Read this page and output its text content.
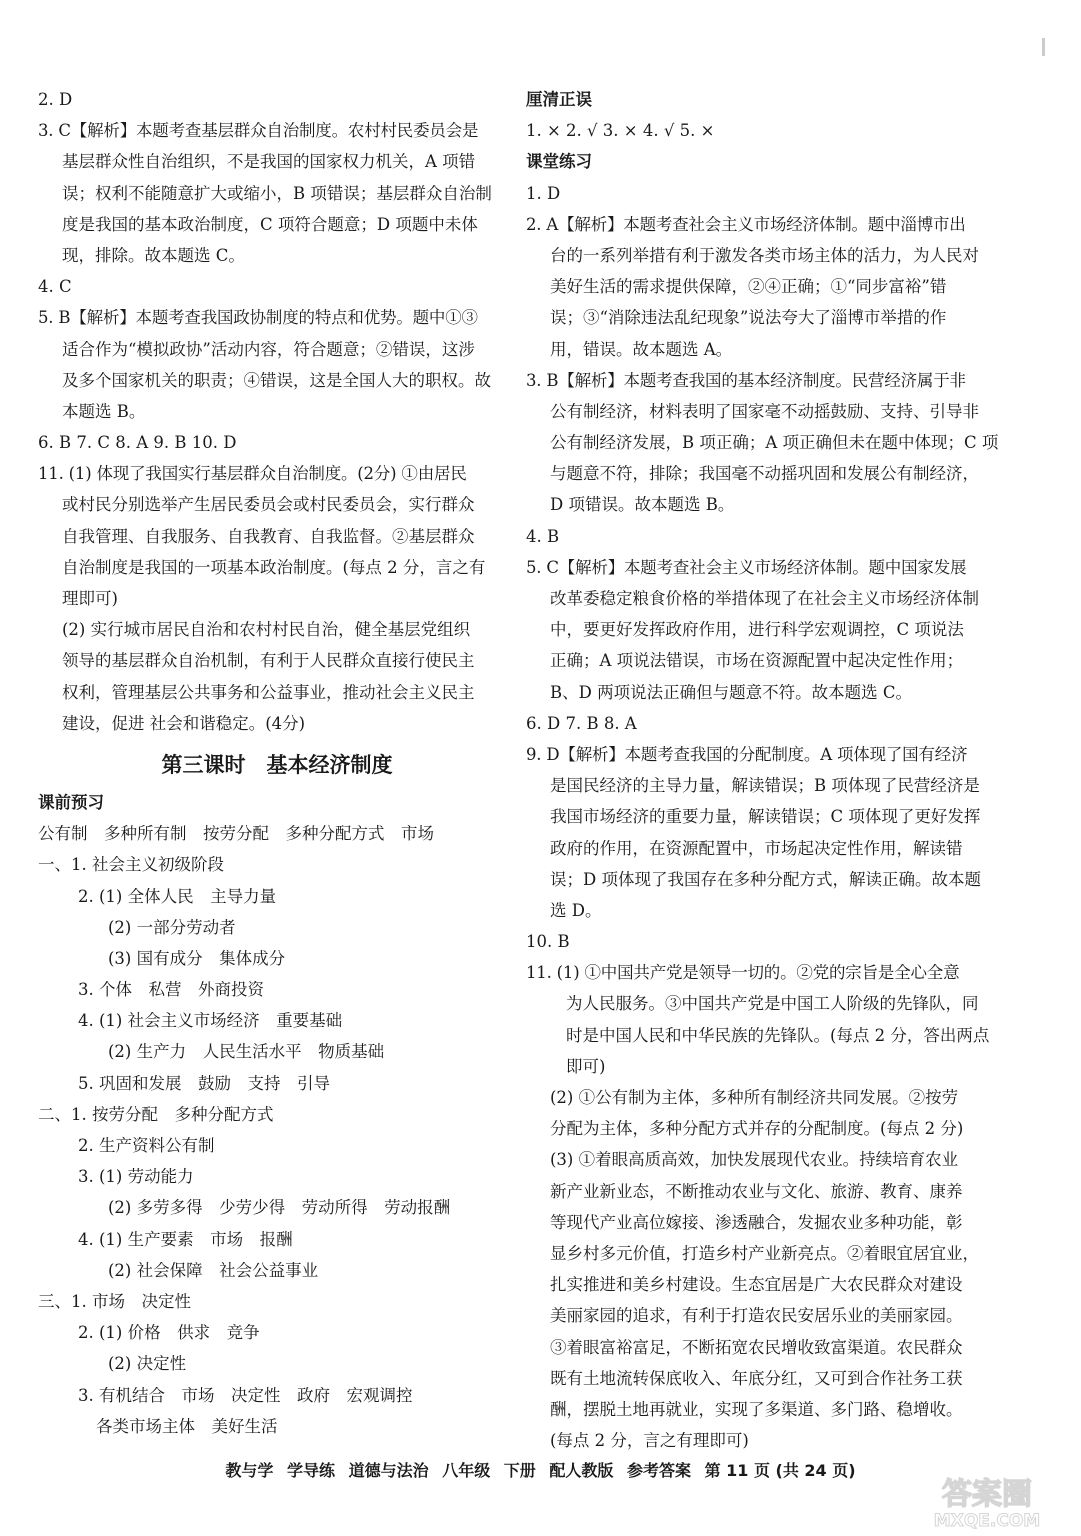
2. D
3. C【解析】本题考查基层群众自治制度。农村村民委员会是
基层群众性自治组织，不是我国的国家权力机关，A 项错
误；权利不能随意扩大或缩小，B 项错误；基层群众自治制
度是我国的基本政治制度，C 项符合题意；D 项题中未体
现，排除。故本题选 C。
4. C
5. B【解析】本题考查我国政协制度的特点和优势。题中①③
适合作为“模拟政协”活动内容，符合题意；②错误，这涉
及多个国家机关的职责；④错误，这是全国人大的职权。故
本题选 B。
6. B 7. C 8. A 9. B 10. D
11. (1) 体现了我国实行基层群众自治制度。(2分) ①由居民
或村民分别选举产生居民委员会或村民委员会，实行群众
自我管理、自我服务、自我教育、自我监督。②基层群众
自治制度是我国的一项基本政治制度。(每点 2 分，言之有
理即可)
(2) 实行城市居民自治和农村村民自治，健全基层党组织
领导的基层群众自治机制，有利于人民群众直接行使民主
权利，管理基层公共事务和公益事业，推动社会主义民主
建设，促进 社会和谐稳定。(4分)
第三课时　基本经济制度
课前预习
公有制　多种所有制　按劳分配　多种分配方式　市场
一、1. 社会主义初级阶段
2. (1) 全体人民　主导力量
(2) 一部分劳动者
(3) 国有成分　集体成分
3. 个体　私营　外商投资
4. (1) 社会主义市场经济　重要基础
(2) 生产力　人民生活水平　物质基础
5. 巩固和发展　鼓励　支持　引导
二、1. 按劳分配　多种分配方式
2. 生产资料公有制
3. (1) 劳动能力
(2) 多劳多得　少劳少得　劳动所得　劳动报酬
4. (1) 生产要素　市场　报酬
(2) 社会保障　社会公益事业
三、1. 市场　决定性
2. (1) 价格　供求　竞争
(2) 决定性
3. 有机结合　市场　决定性　政府　宏观调控
各类市场主体　美好生活
厘清正误
1. × 2. √ 3. × 4. √ 5. ×
课堂练习
1. D
2. A【解析】本题考查社会主义市场经济体制。题中淄博市出
台的一系列举措有利于激发各类市场主体的活力，为人民对
美好生活的需求提供保障，②④正确；①“同步富裕”错
误；③“消除违法乱纪现象”说法夸大了淄博市举措的作
用，错误。故本题选 A。
3. B【解析】本题考查我国的基本经济制度。民营经济属于非
公有制经济，材料表明了国家毫不动摇鼓励、支持、引导非
公有制经济发展，B 项正确；A 项正确但未在题中体现；C 项
与题意不符，排除；我国毫不动摇巩固和发展公有制经济，
D 项错误。故本题选 B。
4. B
5. C【解析】本题考查社会主义市场经济体制。题中国家发展
改革委稳定粮食价格的举措体现了在社会主义市场经济体制
中，要更好发挥政府作用，进行科学宏观调控，C 项说法
正确；A 项说法错误，市场在资源配置中起决定性作用；
B、D 两项说法正确但与题意不符。故本题选 C。
6. D 7. B 8. A
9. D【解析】本题考查我国的分配制度。A 项体现了国有经济
是国民经济的主导力量，解读错误；B 项体现了民营经济是
我国市场经济的重要力量，解读错误；C 项体现了更好发挥
政府的作用，在资源配置中，市场起决定性作用，解读错
误；D 项体现了我国存在多种分配方式，解读正确。故本题
选 D。
10. B
11. (1) ①中国共产党是领导一切的。②党的宗旨是全心全意
为人民服务。③中国共产党是中国工人阶级的先锋队，同
时是中国人民和中华民族的先锋队。(每点 2 分，答出两点
即可)
(2) ①公有制为主体，多种所有制经济共同发展。②按劳
分配为主体，多种分配方式并存的分配制度。(每点 2 分)
(3) ①着眼高质高效，加快发展现代农业。持续培育农业
新产业新业态，不断推动农业与文化、旅游、教育、康养
等现代产业高位嫁接、渗透融合，发掘农业多种功能，彰
显乡村多元价值，打造乡村产业新亮点。②着眼宜居宜业，
扎实推进和美乡村建设。生态宜居是广大农民群众对建设
美丽家园的追求，有利于打造农民安居乐业的美丽家园。
③着眼富裕富足，不断拓宽农民增收致富渠道。农民群众
既有土地流转保底收入、年底分红，又可到合作社务工获
酬，摆脱土地再就业，实现了多渠道、多门路、稳增收。
(每点 2 分，言之有理即可)
教与学 学导练 道德与法治 八年级 下册 配人教版 参考答案 第 11 页 (共 24 页)
答案圈
MXQE.COM
